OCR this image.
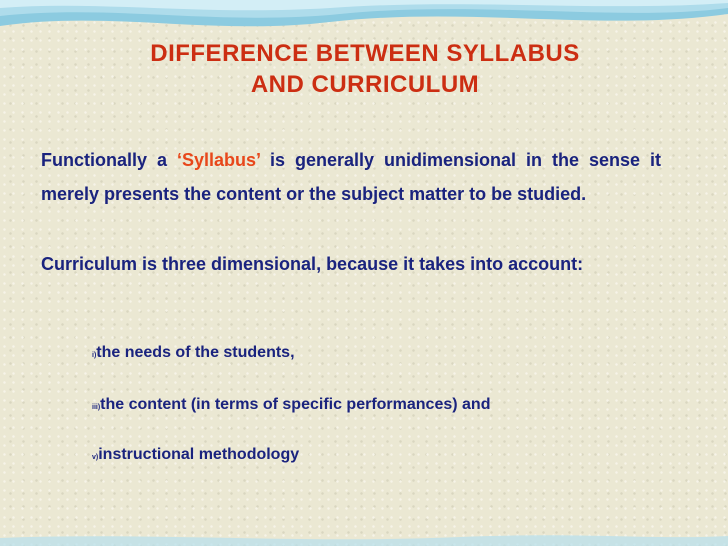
DIFFERENCE BETWEEN SYLLABUS
AND CURRICULUM
Functionally a ‘Syllabus’ is generally unidimensional in the sense it merely presents the content or the subject matter to be studied.
Curriculum is three dimensional, because it takes into account:
i)the needs of the students,
iii)the content (in terms of specific performances) and
v)instructional methodology
